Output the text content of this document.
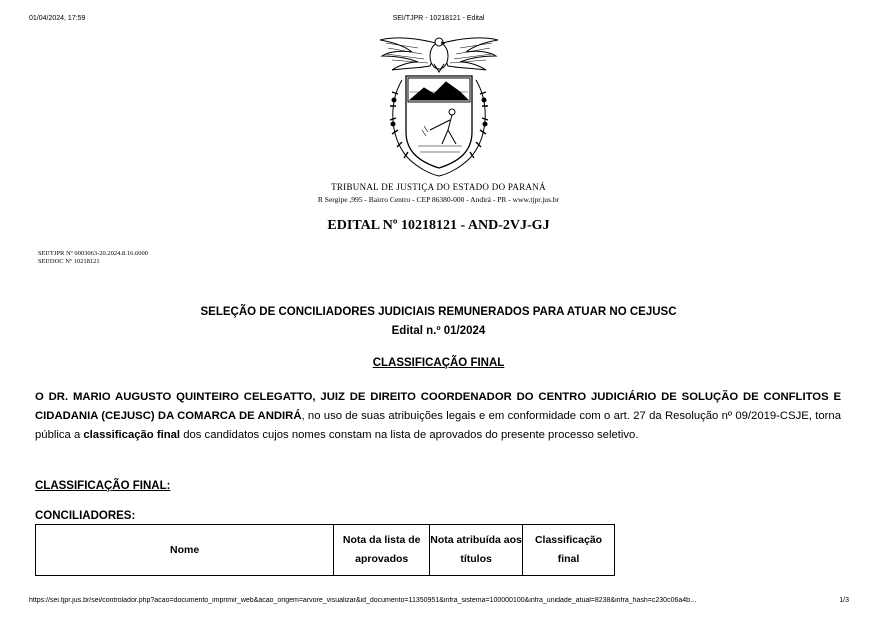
01/04/2024, 17:59	SEI/TJPR - 10218121 - Edital
TRIBUNAL DE JUSTIÇA DO ESTADO DO PARANÁ
R Sergipe ,995 - Bairro Centro - CEP 86380-000 - Andirá - PR - www.tjpr.jus.br
EDITAL Nº 10218121 - AND-2VJ-GJ
SEI!TJPR Nº 0003063-20.2024.8.16.6000
SEI!DOC Nº 10218121
SELEÇÃO DE CONCILIADORES JUDICIAIS REMUNERADOS PARA ATUAR NO CEJUSC
Edital n.º 01/2024
CLASSIFICAÇÃO FINAL
O DR. MARIO AUGUSTO QUINTEIRO CELEGATTO, JUIZ DE DIREITO COORDENADOR DO CENTRO JUDICIÁRIO DE SOLUÇÃO DE CONFLITOS E CIDADANIA (CEJUSC) DA COMARCA DE ANDIRÁ, no uso de suas atribuições legais e em conformidade com o art. 27 da Resolução nº 09/2019-CSJE, torna pública a classificação final dos candidatos cujos nomes constam na lista de aprovados do presente processo seletivo.
CLASSIFICAÇÃO FINAL:
CONCILIADORES:
Nome	Nota da lista de aprovados	Nota atribuída aos títulos	Classificação final
https://sei.tjpr.jus.br/sei/controlador.php?acao=documento_imprimir_web&acao_origem=arvore_visualizar&id_documento=11350951&infra_sistema=100000100&infra_unidade_atual=8238&infra_hash=c230c06a4b…	1/3
